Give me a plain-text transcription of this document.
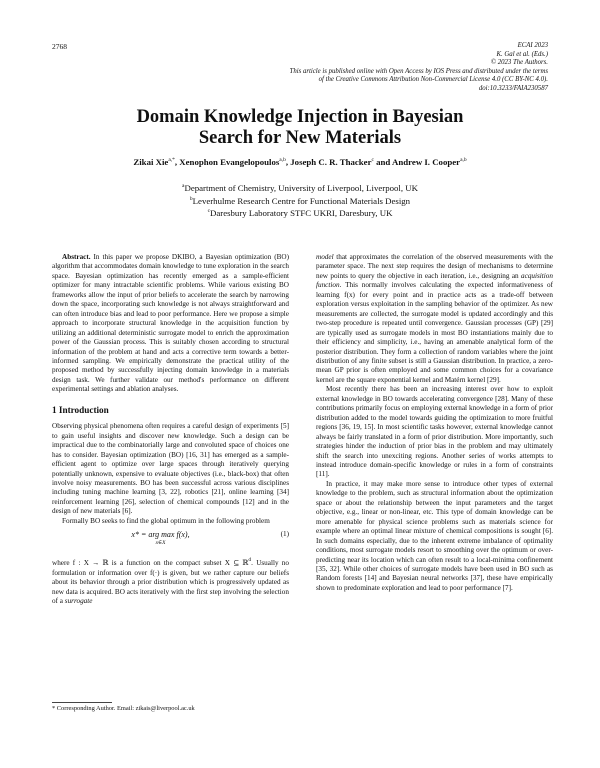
2768	ECAI 2023
K. Gal et al. (Eds.)
© 2023 The Authors.
This article is published online with Open Access by IOS Press and distributed under the terms
of the Creative Commons Attribution Non-Commercial License 4.0 (CC BY-NC 4.0).
doi:10.3233/FAIA230587
Domain Knowledge Injection in Bayesian
Search for New Materials
Zikai Xie$^{a,*}$, Xenophon Evangelopoulos$^{a,b}$, Joseph C. R. Thacker$^c$ and Andrew I. Cooper$^{a,b}$
$^a$Department of Chemistry, University of Liverpool, Liverpool, UK
$^b$Leverhulme Research Centre for Functional Materials Design
$^c$Daresbury Laboratory STFC UKRI, Daresbury, UK

Abstract. In this paper we propose DKIBO, a Bayesian optimization (BO) algorithm that accommodates domain knowledge to tune exploration in the search space. Bayesian optimization has recently emerged as a sample-efficient optimizer for many intractable scientific problems. While various existing BO frameworks allow the input of prior beliefs to accelerate the search by narrowing down the space, incorporating such knowledge is not always straightforward and can often introduce bias and lead to poor performance. Here we propose a simple approach to incorporate structural knowledge in the acquisition function by utilizing an additional deterministic surrogate model to enrich the approximation power of the Gaussian process. This is suitably chosen according to structural information of the problem at hand and acts a corrective term towards a better-informed sampling. We empirically demonstrate the practical utility of the proposed method by successfully injecting domain knowledge in a materials design task. We further validate our method's performance on different experimental settings and ablation analyses.

1 Introduction

Observing physical phenomena often requires a careful design of experiments [5] to gain useful insights and discover new knowledge. Such a design can be impractical due to the combinatorially large and convoluted space of choices one has to consider. Bayesian optimization (BO) [16, 31] has emerged as a sample-efficient agent to optimize over large spaces through iteratively querying potentially unknown, expensive to evaluate objectives (i.e., black-box) that often involve noisy measurements. BO has been successful across various disciplines including tuning machine learning [3, 22], robotics [21], online learning [34] reinforcement learning [26], selection of chemical compounds [12] and in the design of new materials [6].

Formally BO seeks to find the global optimum in the following problem

x* = arg max f(x),
x∈X
(1)

where f : X → ℝ is a function on the compact subset X ⊆ ℝ$^d$. Usually no formulation or information over f(·) is given, but we rather capture our beliefs about its behavior through a prior distribution which is progressively updated as new data is acquired. BO acts iteratively with the first step involving the selection of a surrogate

model that approximates the correlation of the observed measurements with the parameter space. The next step requires the design of mechanisms to determine new points to query the objective in each iteration, i.e., designing an acquisition function. This normally involves calculating the expected informativeness of learning f(x) for every point and in practice acts as a trade-off between exploration versus exploitation in the sampling behavior of the optimizer. As new measurements are collected, the surrogate model is updated accordingly and this two-step procedure is repeated until convergence. Gaussian processes (GP) [29] are typically used as surrogate models in most BO instantiations mainly due to their efficiency and simplicity, i.e., having an amenable analytical form of the posterior distribution. They form a collection of random variables where the joint distribution of any finite subset is still a Gaussian distribution. In practice, a zero-mean GP prior is often employed and some common choices for a covariance kernel are the square exponential kernel and Matérn kernel [29].

Most recently there has been an increasing interest over how to exploit external knowledge in BO towards accelerating convergence [28]. Many of these contributions primarily focus on employing external knowledge in a form of prior distribution added to the model towards guiding the optimization to more fruitful regions [36, 19, 15]. In most scientific tasks however, external knowledge cannot always be fairly translated in a form of prior distribution. More importantly, such strategies hinder the induction of prior bias in the problem and may ultimately shift the search into unexciting regions. Another series of works attempts to instead introduce domain-specific knowledge or rules in a form of constraints [11].

In practice, it may make more sense to introduce other types of external knowledge to the problem, such as structural information about the optimization space or about the relationship between the input parameters and the target objective, e.g., linear or non-linear, etc. This type of domain knowledge can be more amenable for physical science problems such as materials science for example where an optimal linear mixture of chemical compositions is sought [6]. In such domains especially, due to the inherent extreme imbalance of optimality conditions, most surrogate models resort to smoothing over the optimum or over-predicting near its location which can often result to a local-minima confinement [35, 32]. While other choices of surrogate models have been used in BO such as Random forests [14] and Bayesian neural networks [37], these have empirically shown to predominate exploration and lead to poor performance [7].

* Corresponding Author. Email: zikais@liverpool.ac.uk
